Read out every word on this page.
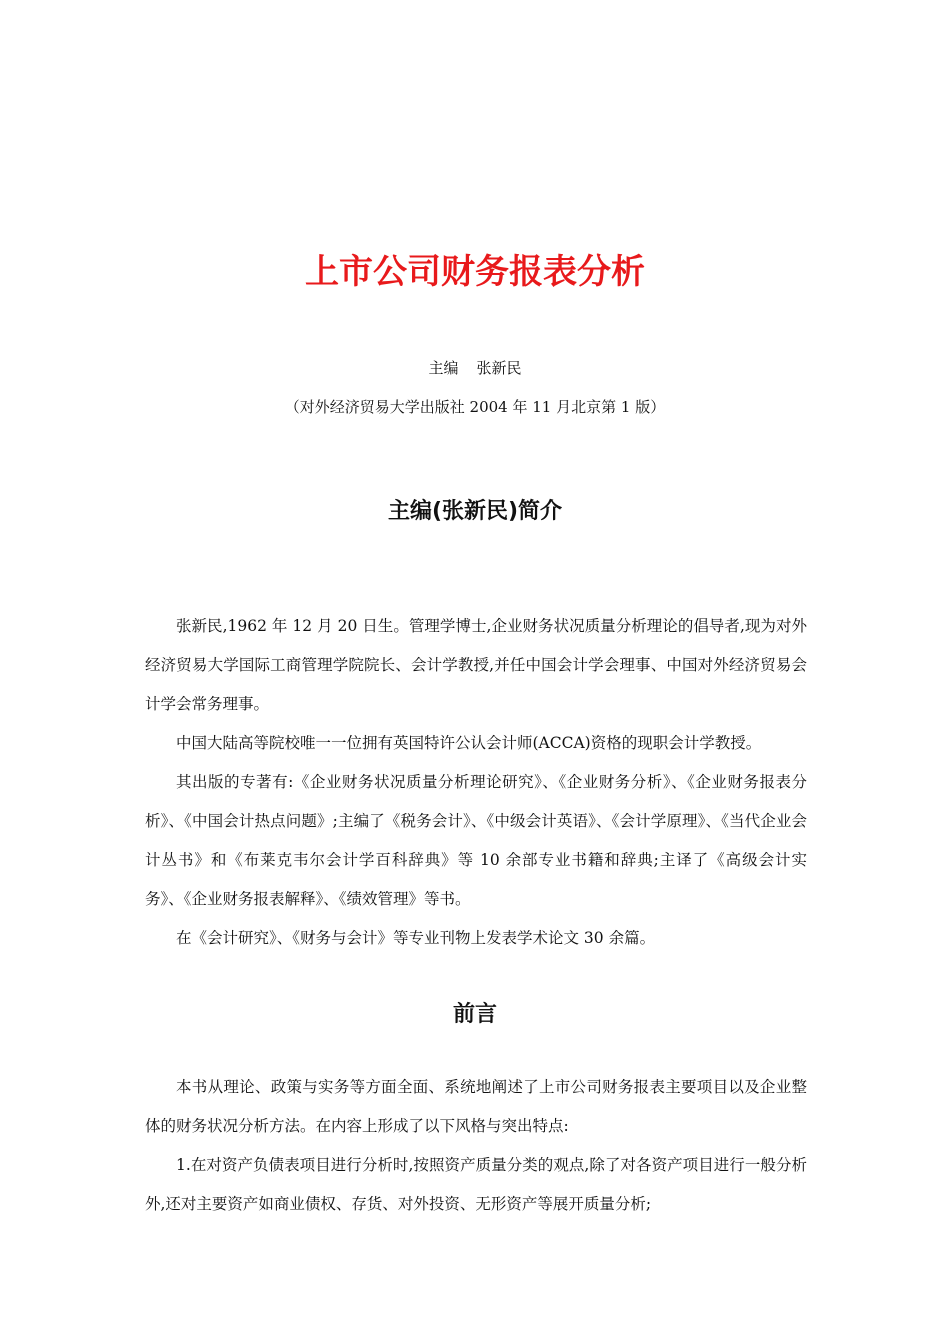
上市公司财务报表分析

主编 张新民

（对外经济贸易大学出版社 2004 年 11 月北京第 1 版）

主编(张新民)简介

张新民,1962 年 12 月 20 日生。管理学博士,企业财务状况质量分析理论的倡导者,现为对外经济贸易大学国际工商管理学院院长、会计学教授,并任中国会计学会理事、中国对外经济贸易会计学会常务理事。

中国大陆高等院校唯一一位拥有英国特许公认会计师(ACCA)资格的现职会计学教授。

其出版的专著有:《企业财务状况质量分析理论研究》、《企业财务分析》、《企业财务报表分析》、《中国会计热点问题》;主编了《税务会计》、《中级会计英语》、《会计学原理》、《当代企业会计丛书》和《布莱克韦尔会计学百科辞典》等 10 余部专业书籍和辞典;主译了《高级会计实务》、《企业财务报表解释》、《绩效管理》等书。

在《会计研究》、《财务与会计》等专业刊物上发表学术论文 30 余篇。

前言

本书从理论、政策与实务等方面全面、系统地阐述了上市公司财务报表主要项目以及企业整体的财务状况分析方法。在内容上形成了以下风格与突出特点:

1.在对资产负债表项目进行分析时,按照资产质量分类的观点,除了对各资产项目进行一般分析外,还对主要资产如商业债权、存货、对外投资、无形资产等展开质量分析;
